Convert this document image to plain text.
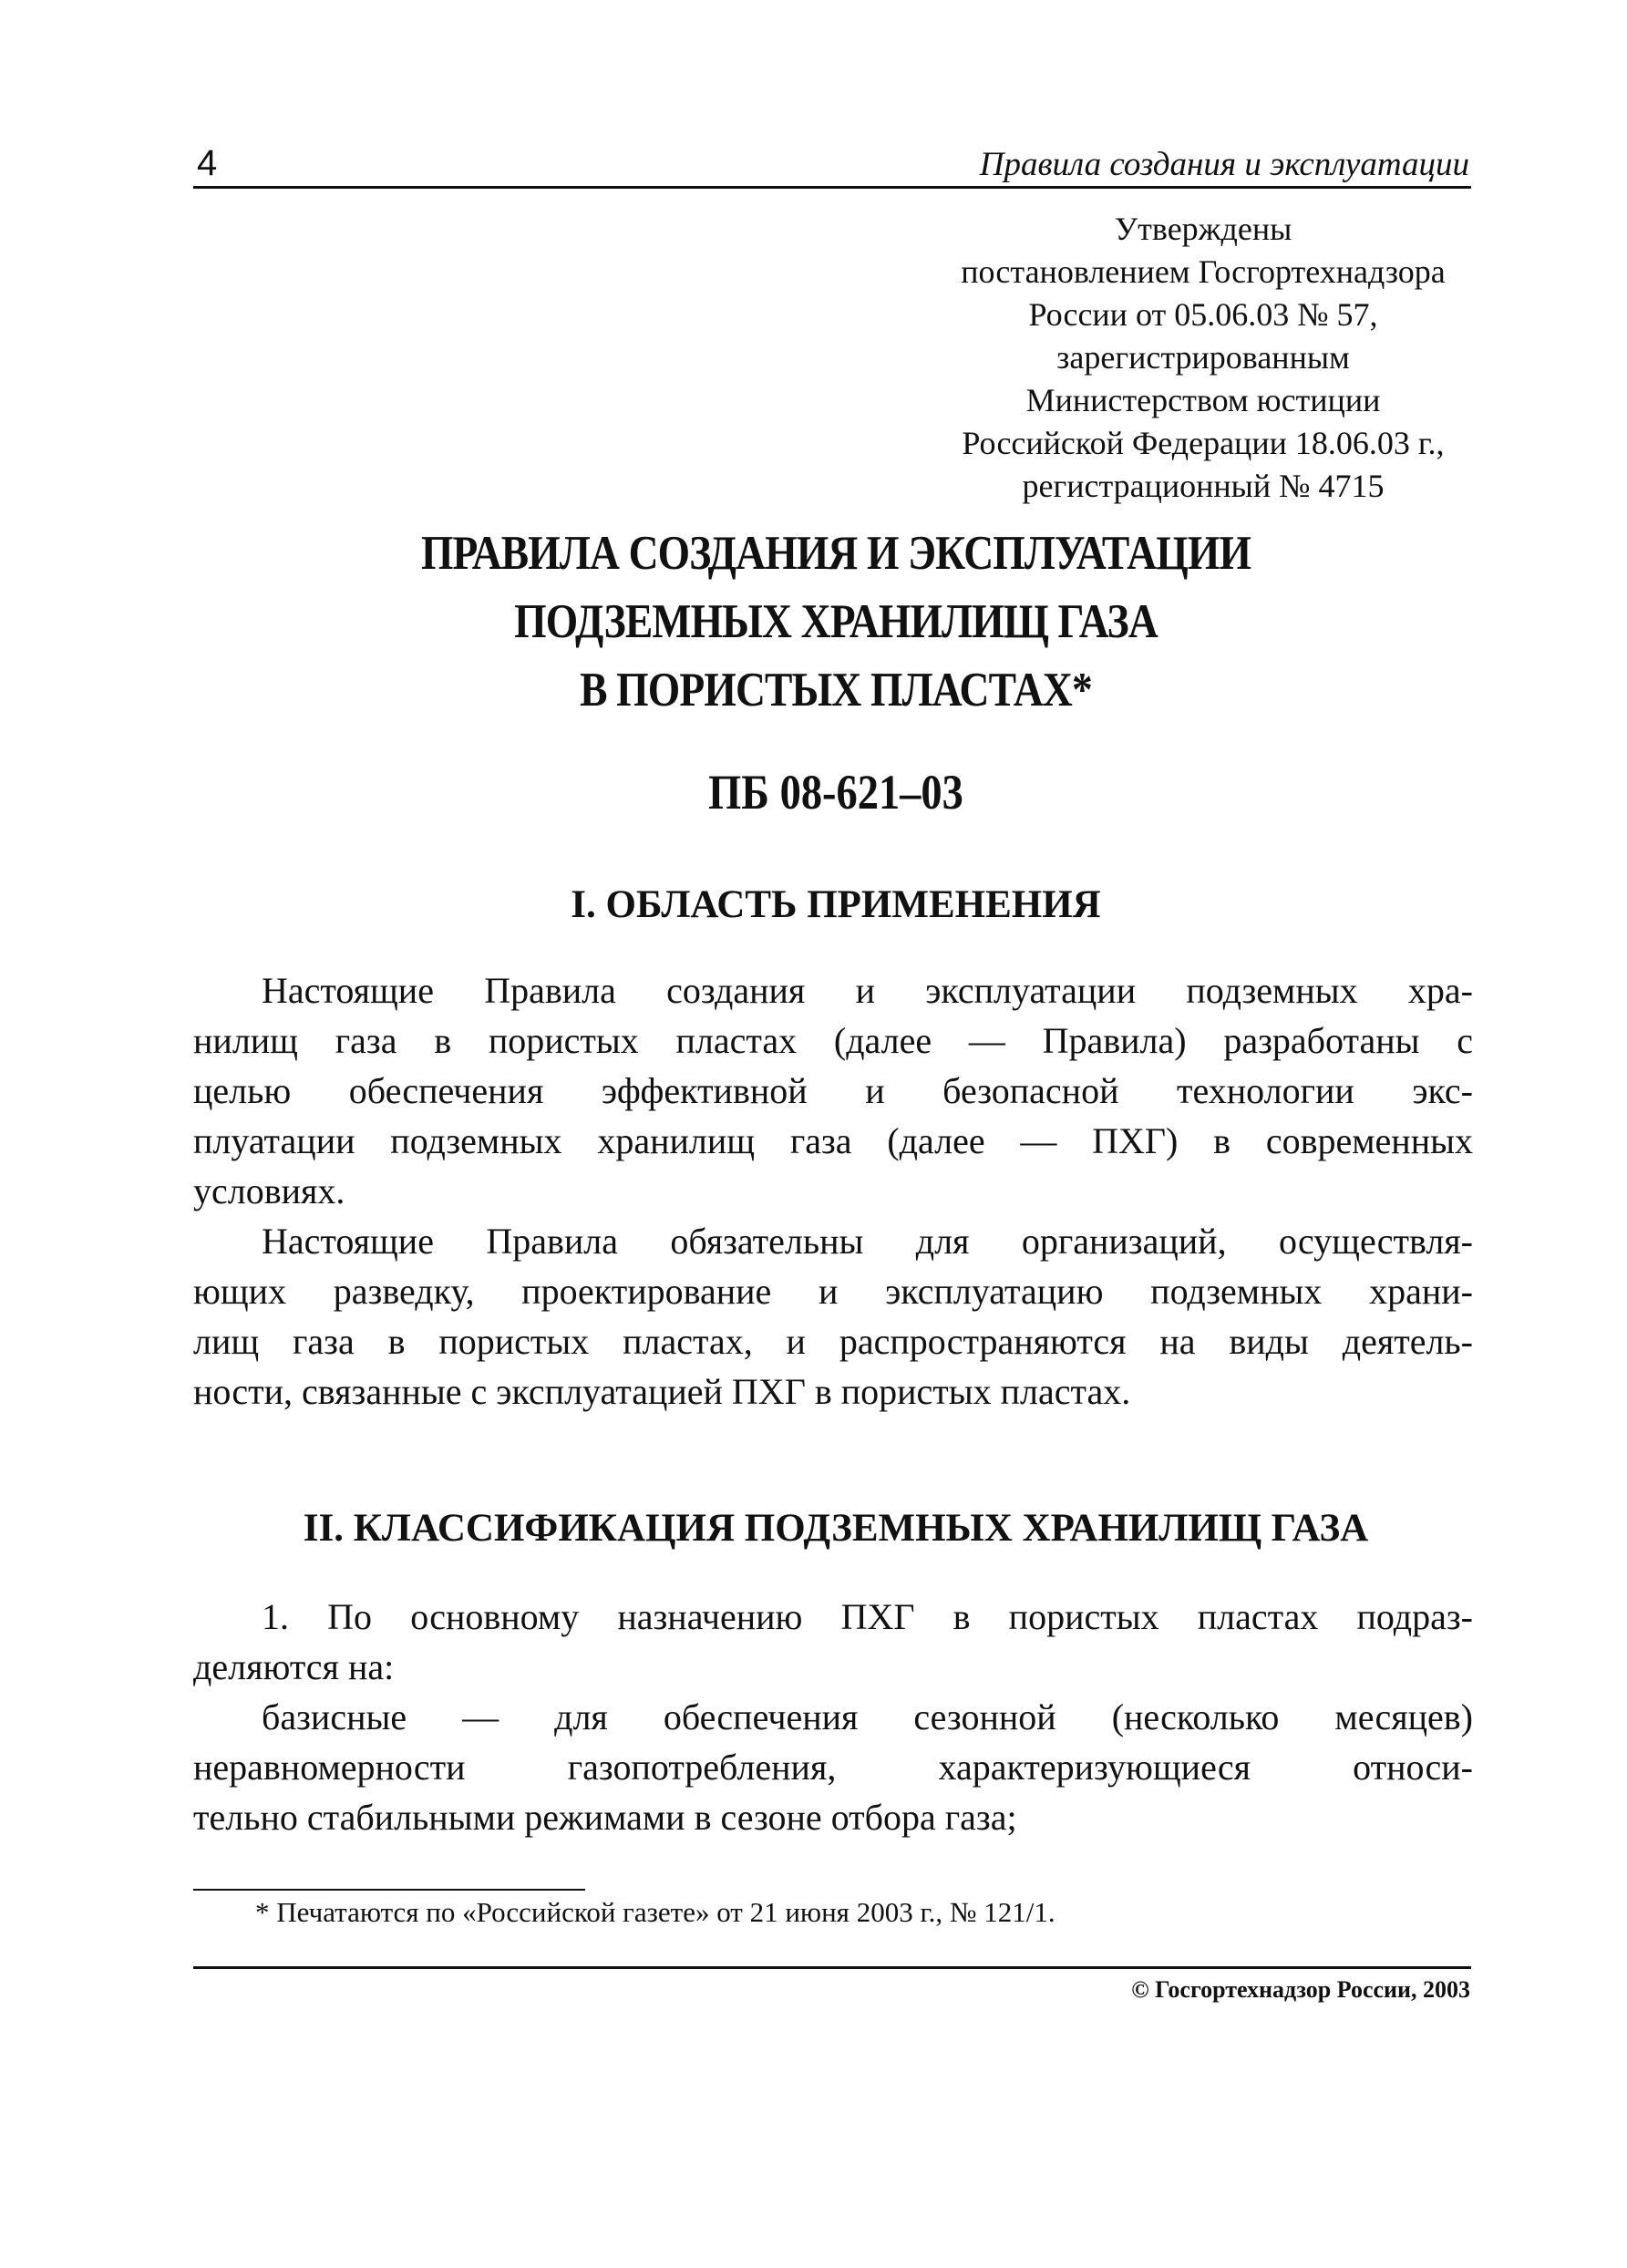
4	Правила создания и эксплуатации
Утверждены
постановлением Госгортехнадзора
России от 05.06.03 № 57,
зарегистрированным
Министерством юстиции
Российской Федерации 18.06.03 г.,
регистрационный № 4715
ПРАВИЛА СОЗДАНИЯ И ЭКСПЛУАТАЦИИ
ПОДЗЕМНЫХ ХРАНИЛИЩ ГАЗА
В ПОРИСТЫХ ПЛАСТАХ*
ПБ 08-621–03
I. ОБЛАСТЬ ПРИМЕНЕНИЯ
Настоящие Правила создания и эксплуатации подземных хра-
нилищ газа в пористых пластах (далее — Правила) разработаны с
целью обеспечения эффективной и безопасной технологии экс-
плуатации подземных хранилищ газа (далее — ПХГ) в современных
условиях.
Настоящие Правила обязательны для организаций, осуществля-
ющих разведку, проектирование и эксплуатацию подземных храни-
лищ газа в пористых пластах, и распространяются на виды деятель-
ности, связанные с эксплуатацией ПХГ в пористых пластах.
II. КЛАССИФИКАЦИЯ ПОДЗЕМНЫХ ХРАНИЛИЩ ГАЗА
1. По основному назначению ПХГ в пористых пластах подраз-
деляются на:
базисные — для обеспечения сезонной (несколько месяцев)
неравномерности газопотребления, характеризующиеся относи-
тельно стабильными режимами в сезоне отбора газа;
* Печатаются по «Российской газете» от 21 июня 2003 г., № 121/1.
© Госгортехнадзор России, 2003
